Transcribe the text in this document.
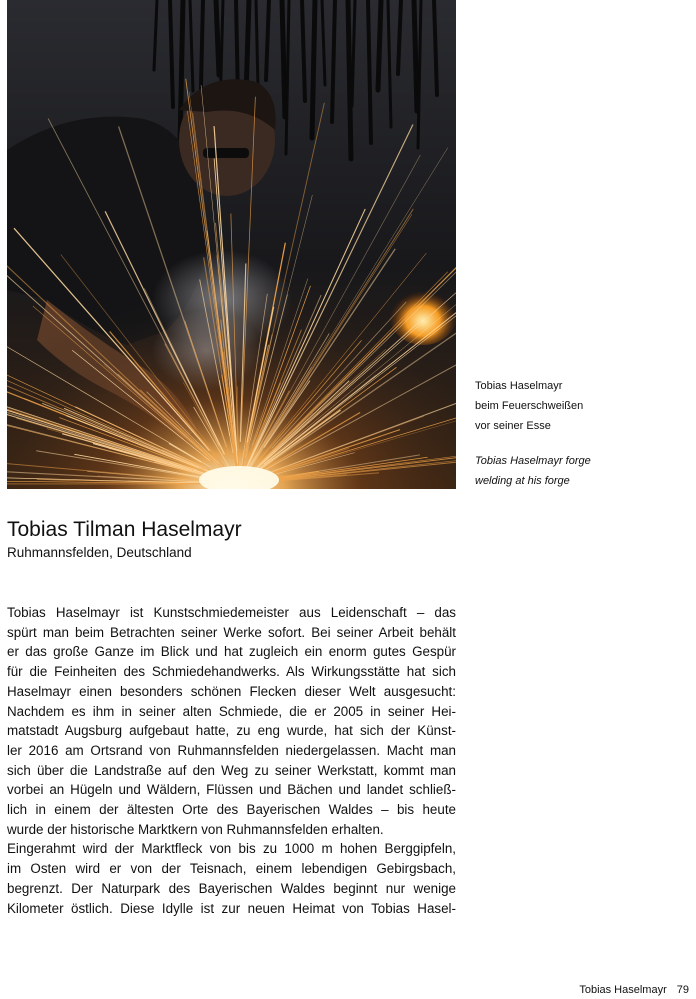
Tobias Haselmayr
beim Feuerschweißen
vor seiner Esse
Tobias Haselmayr forge
welding at his forge
Tobias Tilman Haselmayr
Ruhmannsfelden, Deutschland
Tobias Haselmayr ist Kunstschmiedemeister aus Leidenschaft – das
spürt man beim Betrachten seiner Werke sofort. Bei seiner Arbeit behält
er das große Ganze im Blick und hat zugleich ein enorm gutes Gespür
für die Feinheiten des Schmiedehandwerks. Als Wirkungsstätte hat sich
Haselmayr einen besonders schönen Flecken dieser Welt ausgesucht:
Nachdem es ihm in seiner alten Schmiede, die er 2005 in seiner Hei-
matstadt Augsburg aufgebaut hatte, zu eng wurde, hat sich der Künst-
ler 2016 am Ortsrand von Ruhmannsfelden niedergelassen. Macht man
sich über die Landstraße auf den Weg zu seiner Werkstatt, kommt man
vorbei an Hügeln und Wäldern, Flüssen und Bächen und landet schließ-
lich in einem der ältesten Orte des Bayerischen Waldes – bis heute
wurde der historische Marktkern von Ruhmannsfelden erhalten.
Eingerahmt wird der Marktfleck von bis zu 1000 m hohen Berggipfeln,
im Osten wird er von der Teisnach, einem lebendigen Gebirgsbach,
begrenzt. Der Naturpark des Bayerischen Waldes beginnt nur wenige
Kilometer östlich. Diese Idylle ist zur neuen Heimat von Tobias Hasel-
Tobias Haselmayr 79
